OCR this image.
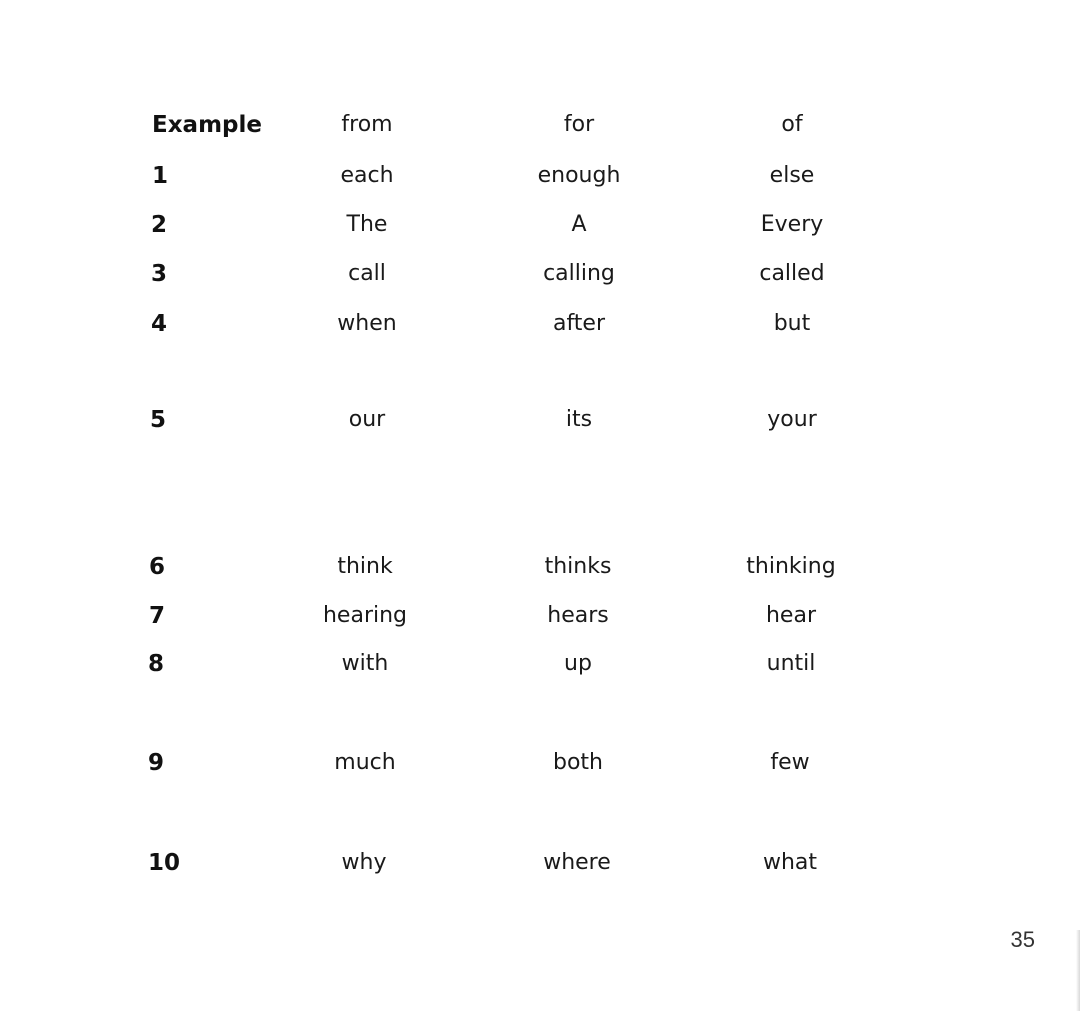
Example	from	for	of
1	each	enough	else
2	The	A	Every
3	call	calling	called
4	when	after	but
5	our	its	your
6	think	thinks	thinking
7	hearing	hears	hear
8	with	up	until
9	much	both	few
10	why	where	what
35
